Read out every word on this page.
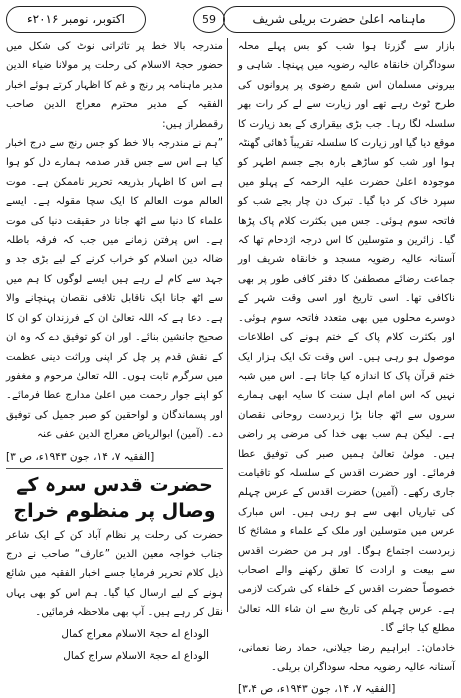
ماہنامہ اعلیٰ حضرت بریلی شریف
59
اکتوبر، نومبر ۲۰۱۶ء

بازار سے گزرتا ہوا شب کو بس پہلے محلہ سوداگران خانقاہ عالیہ رضویہ میں پہنچا۔ شاہی و بیرونی مسلمان اس شمع رضوی پر پروانوں کی طرح ٹوٹ رہے تھے اور زیارت سے لے کر رات بھر سلسلہ لگا رہا۔ جب بڑی بیقراری کے بعد زیارت کا موقع دیا گیا اور زیارت کا سلسلہ تقریباً ڈھائی گھنٹہ ہوا اور شب کو ساڑھے بارہ بجے جسم اطہر کو موجودہ اعلیٰ حضرت علیہ الرحمہ کے پہلو میں سپرد خاک کر دیا گیا۔ تبرک دن چار بجے شب کو فاتحہ سوم ہوئی۔ جس میں بکثرت کلام پاک پڑھا گیا۔ زائرین و متوسلین کا اس درجہ اژدحام تھا کہ آستانہ عالیہ رضویہ مسجد و خانقاہ شریف اور جماعت رضائے مصطفیٰ کا دفتر کافی طور پر بھی ناکافی تھا۔ اسی تاریخ اور اسی وقت شہر کے دوسرے محلوں میں بھی متعدد فاتحہ سوم ہوئی۔ اور بکثرت کلام پاک کے ختم ہونے کی اطلاعات موصول ہو رہی ہیں۔ اس وقت تک ایک ہزار ایک ختم قرآن پاک کا اندازہ کیا جاتا ہے۔ اس میں شبہ نہیں کہ اس امام اہل سنت کا سایہ ابھی ہمارے سروں سے اٹھ جانا بڑا زبردست روحانی نقصان ہے۔ لیکن ہم سب بھی خدا کی مرضی پر راضی ہیں۔ مولیٰ تعالیٰ ہمیں صبر کی توفیق عطا فرمائے۔ اور حضرت اقدس کے سلسلہ کو تاقیامت جاری رکھے۔ (آمین) حضرت اقدس کے عرس چہلم کی تیاریاں ابھی سے ہو رہی ہیں۔ اس مبارک عرس میں متوسلین اور ملک کے علماء و مشائخ کا زبردست اجتماع ہوگا۔ اور ہر من حضرت اقدس سے بیعت و ارادت کا تعلق رکھنے والے اصحاب خصوصاً حضرت اقدس کے خلفاء کی شرکت لازمی ہے۔ عرس چہلم کی تاریخ سے ان شاء اللہ تعالیٰ مطلع کیا جائے گا۔

خادمان:۔ ابراہیم رضا جیلانی، حماد رضا نعمانی، آستانہ عالیہ رضویہ محلہ سوداگران بریلی۔

[الفقیہ ۷، ۱۴، جون ۱۹۴۳ء، ص ۳،۴]

مندرجہ بالا خط پر تاثراتی نوٹ کی شکل میں حضور حجۃ الاسلام کی رحلت پر مولانا ضیاء الدین مدیر ماہنامہ پر رنج و غم کا اظہار کرتے ہوئے اخبار الفقیہ کے مدیر محترم معراج الدین صاحب رقمطراز ہیں:

”ہم نے مندرجہ بالا خط کو جس رنج سے درج اخبار کیا ہے اس سے جس قدر صدمہ ہمارے دل کو ہوا ہے اس کا اظہار بذریعہ تحریر ناممکن ہے۔ موت العالم موت العالم کا ایک سچا مقولہ ہے۔ ایسے علماء کا دنیا سے اٹھ جانا در حقیقت دنیا کی موت ہے۔ اس پرفتن زمانے میں جب کہ فرقہ باطلہ ضالہ دین اسلام کو خراب کرنے کے لیے بڑی جد و جہد سے کام لے رہے ہیں ایسے لوگوں کا ہم میں سے اٹھ جانا ایک ناقابل تلافی نقصان پہنچانے والا ہے۔ دعا ہے کہ اللہ تعالیٰ ان کے فرزندان کو ان کا صحیح جانشین بنائے۔ اور ان کو توفیق دے کہ وہ ان کے نقش قدم پر چل کر اپنی وراثت دینی عظمت میں سرگرم ثابت ہوں۔ اللہ تعالیٰ مرحوم و مغفور کو اپنے جوار رحمت میں اعلیٰ مدارج عطا فرمائے۔ اور پسماندگان و لواحقین کو صبر جمیل کی توفیق دے۔ (آمین) ابوالریاض معراج الدین عفی عنہ

[الفقیہ ۷، ۱۴، جون ۱۹۴۳ء، ص ۳]

حضرت قدس سرہ کے وصال پر منظوم خراج

حضرت کی رحلت پر نظام آباد کن کے ایک شاعر جناب خواجہ معین الدین ”عارف“ صاحب نے درج ذیل کلام تحریر فرمایا جسے اخبار الفقیہ میں شائع ہونے کے لیے ارسال کیا گیا۔ ہم اس کو بھی یہاں نقل کر رہے ہیں۔ آپ بھی ملاحظہ فرمائیں۔

الوداع اے حجۃ الاسلام معراج کمال
الوداع اے حجۃ الاسلام سراج کمال
